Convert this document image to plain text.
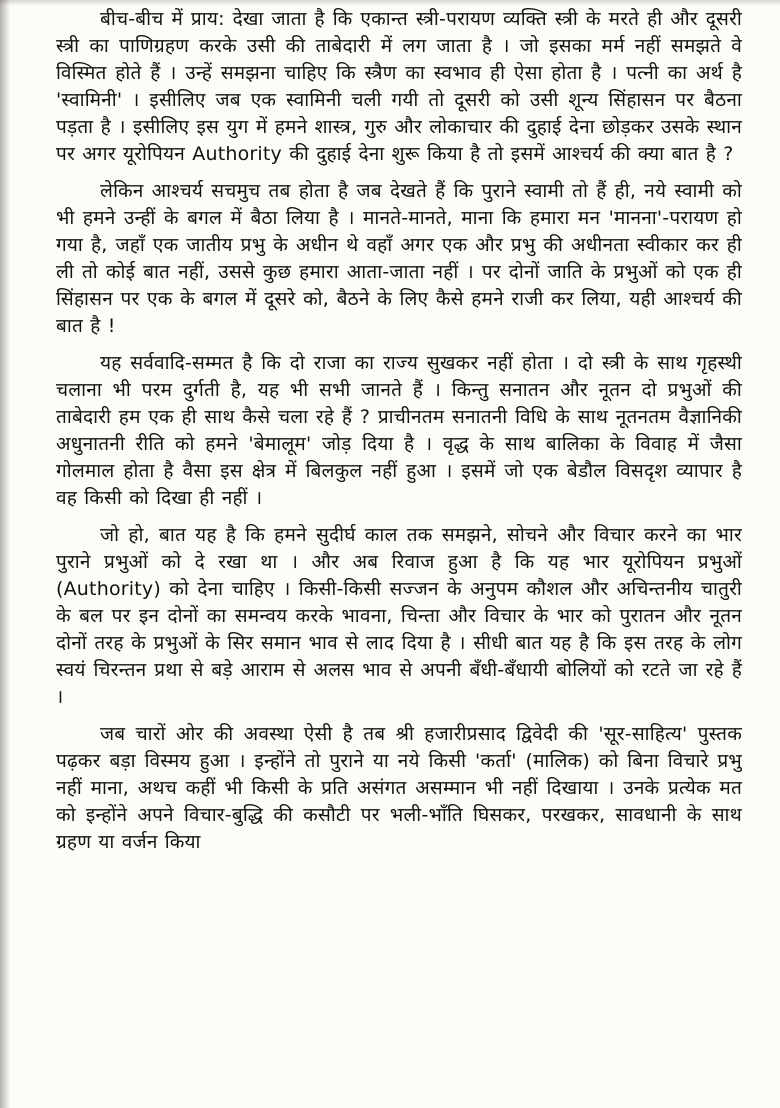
बीच-बीच में प्राय: देखा जाता है कि एकान्त स्त्री-परायण व्यक्ति स्त्री के मरते ही और दूसरी स्त्री का पाणिग्रहण करके उसी की ताबेदारी में लग जाता है । जो इसका मर्म नहीं समझते वे विस्मित होते हैं । उन्हें समझना चाहिए कि स्त्रैण का स्वभाव ही ऐसा होता है । पत्नी का अर्थ है 'स्वामिनी' । इसीलिए जब एक स्वामिनी चली गयी तो दूसरी को उसी शून्य सिंहासन पर बैठना पड़ता है । इसीलिए इस युग में हमने शास्त्र, गुरु और लोकाचार की दुहाई देना छोड़कर उसके स्थान पर अगर यूरोपियन Authority की दुहाई देना शुरू किया है तो इसमें आश्चर्य की क्या बात है ?

लेकिन आश्चर्य सचमुच तब होता है जब देखते हैं कि पुराने स्वामी तो हैं ही, नये स्वामी को भी हमने उन्हीं के बगल में बैठा लिया है । मानते-मानते, माना कि हमारा मन 'मानना'-परायण हो गया है, जहाँ एक जातीय प्रभु के अधीन थे वहाँ अगर एक और प्रभु की अधीनता स्वीकार कर ही ली तो कोई बात नहीं, उससे कुछ हमारा आता-जाता नहीं । पर दोनों जाति के प्रभुओं को एक ही सिंहासन पर एक के बगल में दूसरे को, बैठने के लिए कैसे हमने राजी कर लिया, यही आश्चर्य की बात है !

यह सर्ववादि-सम्मत है कि दो राजा का राज्य सुखकर नहीं होता । दो स्त्री के साथ गृहस्थी चलाना भी परम दुर्गती है, यह भी सभी जानते हैं । किन्तु सनातन और नूतन दो प्रभुओं की ताबेदारी हम एक ही साथ कैसे चला रहे हैं ? प्राचीनतम सनातनी विधि के साथ नूतनतम वैज्ञानिकी अधुनातनी रीति को हमने 'बेमालूम' जोड़ दिया है । वृद्ध के साथ बालिका के विवाह में जैसा गोलमाल होता है वैसा इस क्षेत्र में बिलकुल नहीं हुआ । इसमें जो एक बेडौल विसदृश व्यापार है वह किसी को दिखा ही नहीं ।

जो हो, बात यह है कि हमने सुदीर्घ काल तक समझने, सोचने और विचार करने का भार पुराने प्रभुओं को दे रखा था । और अब रिवाज हुआ है कि यह भार यूरोपियन प्रभुओं (Authority) को देना चाहिए । किसी-किसी सज्जन के अनुपम कौशल और अचिन्तनीय चातुरी के बल पर इन दोनों का समन्वय करके भावना, चिन्ता और विचार के भार को पुरातन और नूतन दोनों तरह के प्रभुओं के सिर समान भाव से लाद दिया है । सीधी बात यह है कि इस तरह के लोग स्वयं चिरन्तन प्रथा से बड़े आराम से अलस भाव से अपनी बँधी-बँधायी बोलियों को रटते जा रहे हैं ।

जब चारों ओर की अवस्था ऐसी है तब श्री हजारीप्रसाद द्विवेदी की 'सूर-साहित्य' पुस्तक पढ़कर बड़ा विस्मय हुआ । इन्होंने तो पुराने या नये किसी 'कर्ता' (मालिक) को बिना विचारे प्रभु नहीं माना, अथच कहीं भी किसी के प्रति असंगत असम्मान भी नहीं दिखाया । उनके प्रत्येक मत को इन्होंने अपने विचार-बुद्धि की कसौटी पर भली-भाँति घिसकर, परखकर, सावधानी के साथ ग्रहण या वर्जन किया
